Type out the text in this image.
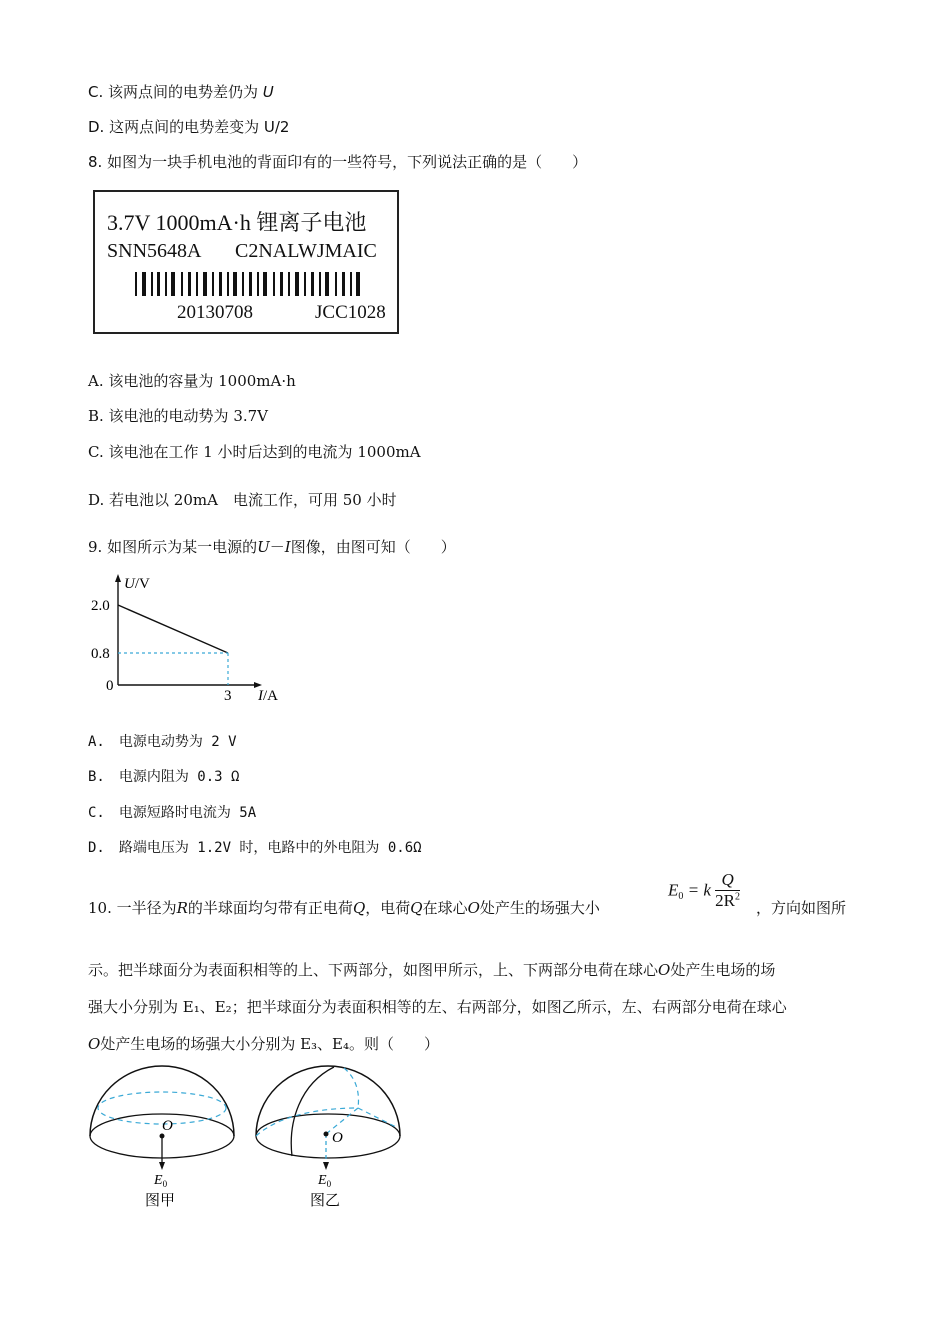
C. 该两点间的电势差仍为 U
D. 这两点间的电势差变为 U/2
8. 如图为一块手机电池的背面印有的一些符号，下列说法正确的是（　　）
3.7V 1000mA·h 锂离子电池
SNN5648A C2NALWJMAIC
20130708	JCC1028
A. 该电池的容量为 1000mA·h
B. 该电池的电动势为 3.7V
C. 该电池在工作 1 小时后达到的电流为 1000mA
D. 若电池以 20mA　电流工作，可用 50 小时
9. 如图所示为某一电源的U－I图像，由图可知（　　）
U/V
2.0
0.8
0
3 I/A
A.　电源电动势为 2 V
B.　电源内阻为 0.3 Ω
C.　电源短路时电流为 5A
D.　路端电压为 1.2V 时，电路中的外电阻为 0.6Ω
10. 一半径为R的半球面均匀带有正电荷Q，电荷Q在球心O处产生的场强大小
$E_0 = k \frac{Q}{2R^2}$ ，方向如图所
示。把半球面分为表面积相等的上、下两部分，如图甲所示，上、下两部分电荷在球心O处产生电场的场
强大小分别为 E₁、E₂；把半球面分为表面积相等的左、右两部分，如图乙所示，左、右两部分电荷在球心
O处产生电场的场强大小分别为 E₃、E₄。则（　　）
O
$E_0$
图甲
O
$E_0$
图乙
